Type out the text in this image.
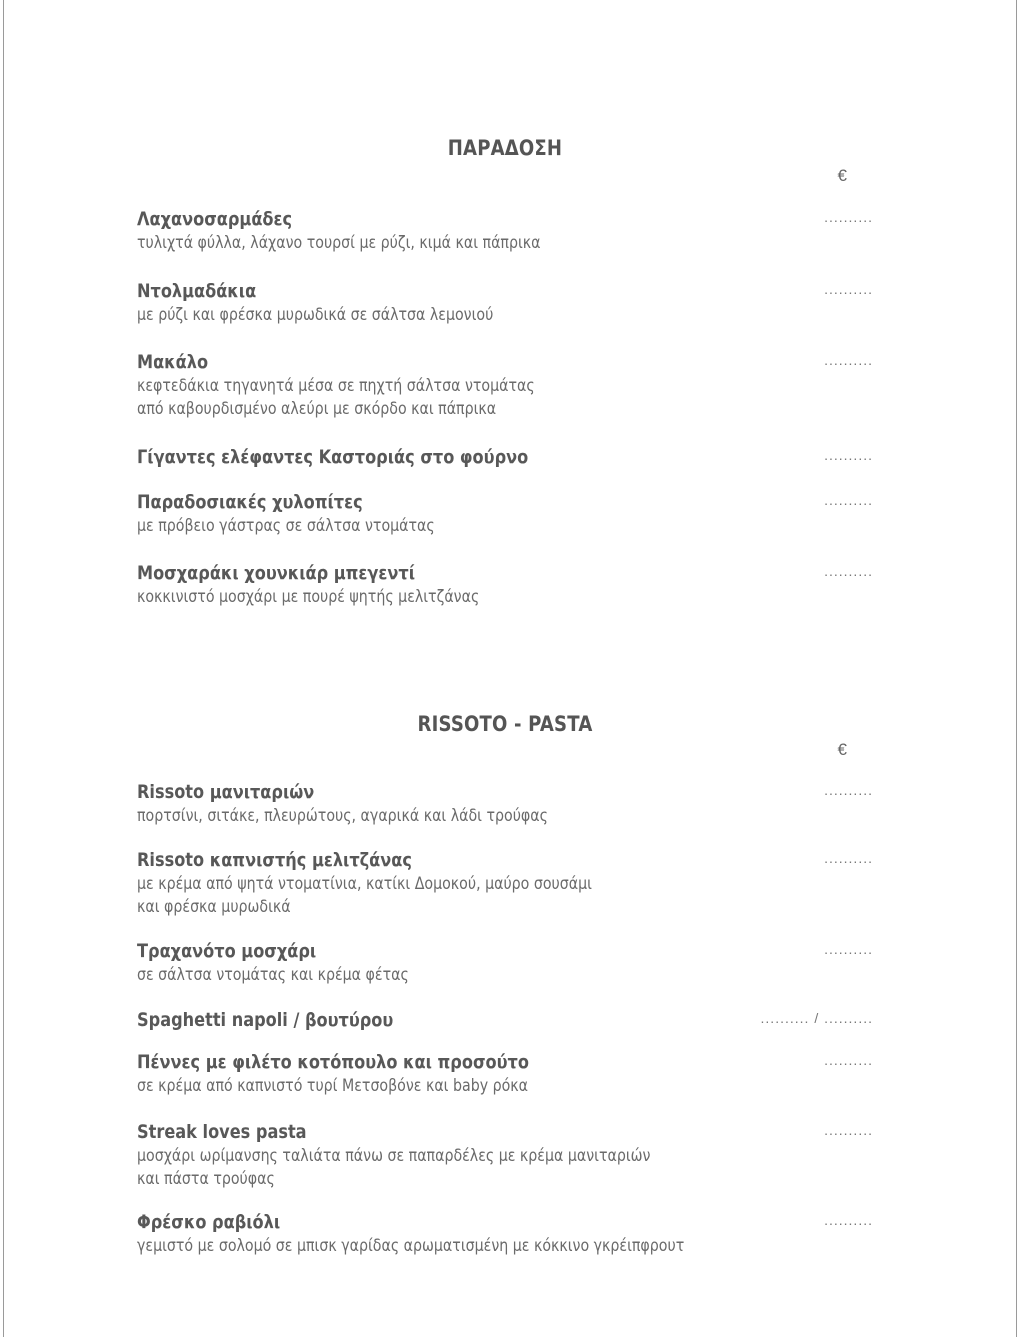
ΠΑΡΑΔΟΣΗ
€
Λαχανοσαρμάδες
τυλιχτά φύλλα, λάχανο τουρσί με ρύζι, κιμά και πάπρικα
..........
Ντολμαδάκια
με ρύζι και φρέσκα μυρωδικά σε σάλτσα λεμονιού
..........
Μακάλο
κεφτεδάκια τηγανητά μέσα σε πηχτή σάλτσα ντομάτας
από καβουρδισμένο αλεύρι με σκόρδο και πάπρικα
..........
Γίγαντες ελέφαντες Καστοριάς στο φούρνο	..........
Παραδοσιακές χυλοπίτες
με πρόβειο γάστρας σε σάλτσα ντομάτας
..........
Μοσχαράκι χουνκιάρ μπεγεντί
κοκκινιστό μοσχάρι με πουρέ ψητής μελιτζάνας
..........
RISSOTO - PASTA
€
Rissoto μανιταριών
πορτσίνι, σιτάκε, πλευρώτους, αγαρικά και λάδι τρούφας
..........
Rissoto καπνιστής μελιτζάνας
με κρέμα από ψητά ντοματίνια, κατίκι Δομοκού, μαύρο σουσάμι
και φρέσκα μυρωδικά
..........
Τραχανότο μοσχάρι
σε σάλτσα ντομάτας και κρέμα φέτας
..........
Spaghetti napoli / βουτύρου	.......... / ..........
Πέννες με φιλέτο κοτόπουλο και προσούτο
σε κρέμα από καπνιστό τυρί Μετσοβόνε και baby ρόκα
..........
Streak loves pasta
μοσχάρι ωρίμανσης ταλιάτα πάνω σε παπαρδέλες με κρέμα μανιταριών
και πάστα τρούφας
..........
Φρέσκο ραβιόλι
γεμιστό με σολομό σε μπισκ γαρίδας αρωματισμένη με κόκκινο γκρέιπφρουτ
..........
